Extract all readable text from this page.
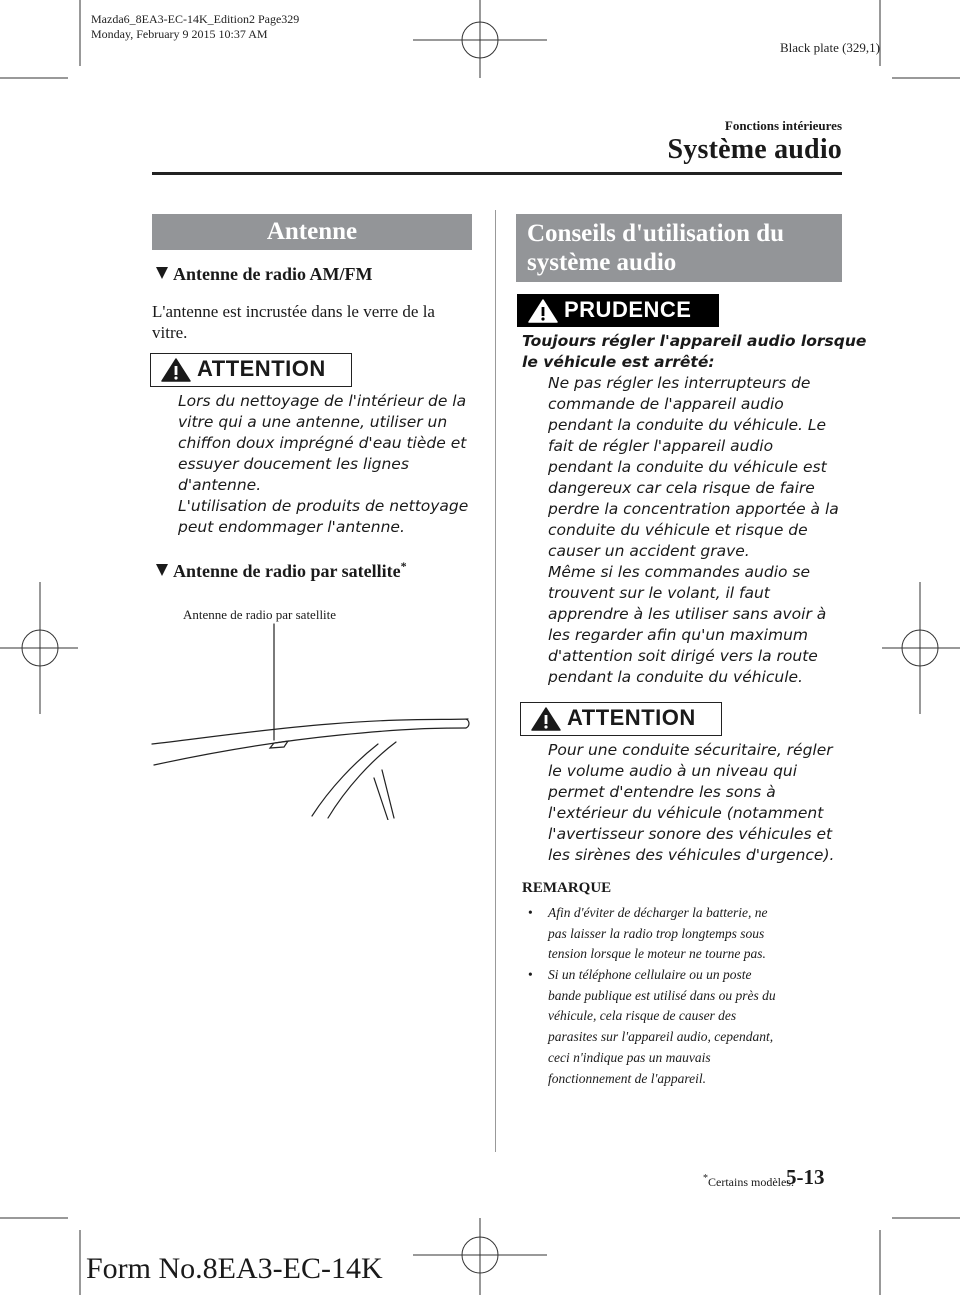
Mazda6_8EA3-EC-14K_Edition2 Page329
Monday, February 9 2015 10:37 AM
Black plate (329,1)
Fonctions intérieures
Système audio
Antenne
Antenne de radio AM/FM
L'antenne est incrustée dans le verre de la
vitre.
ATTENTION
Lors du nettoyage de l'intérieur de la
vitre qui a une antenne, utiliser un
chiffon doux imprégné d'eau tiède et
essuyer doucement les lignes
d'antenne.
L'utilisation de produits de nettoyage
peut endommager l'antenne.
Antenne de radio par satellite*
Antenne de radio par satellite
Conseils d'utilisation du
système audio
PRUDENCE
Toujours régler l'appareil audio lorsque
le véhicule est arrêté:
Ne pas régler les interrupteurs de
commande de l'appareil audio
pendant la conduite du véhicule. Le
fait de régler l'appareil audio
pendant la conduite du véhicule est
dangereux car cela risque de faire
perdre la concentration apportée à la
conduite du véhicule et risque de
causer un accident grave.
Même si les commandes audio se
trouvent sur le volant, il faut
apprendre à les utiliser sans avoir à
les regarder afin qu'un maximum
d'attention soit dirigé vers la route
pendant la conduite du véhicule.
ATTENTION
Pour une conduite sécuritaire, régler
le volume audio à un niveau qui
permet d'entendre les sons à
l'extérieur du véhicule (notamment
l'avertisseur sonore des véhicules et
les sirènes des véhicules d'urgence).
REMARQUE
• Afin d'éviter de décharger la batterie, ne
pas laisser la radio trop longtemps sous
tension lorsque le moteur ne tourne pas.
• Si un téléphone cellulaire ou un poste
bande publique est utilisé dans ou près du
véhicule, cela risque de causer des
parasites sur l'appareil audio, cependant,
ceci n'indique pas un mauvais
fonctionnement de l'appareil.
*Certains modèles.
5-13
Form No.8EA3-EC-14K
